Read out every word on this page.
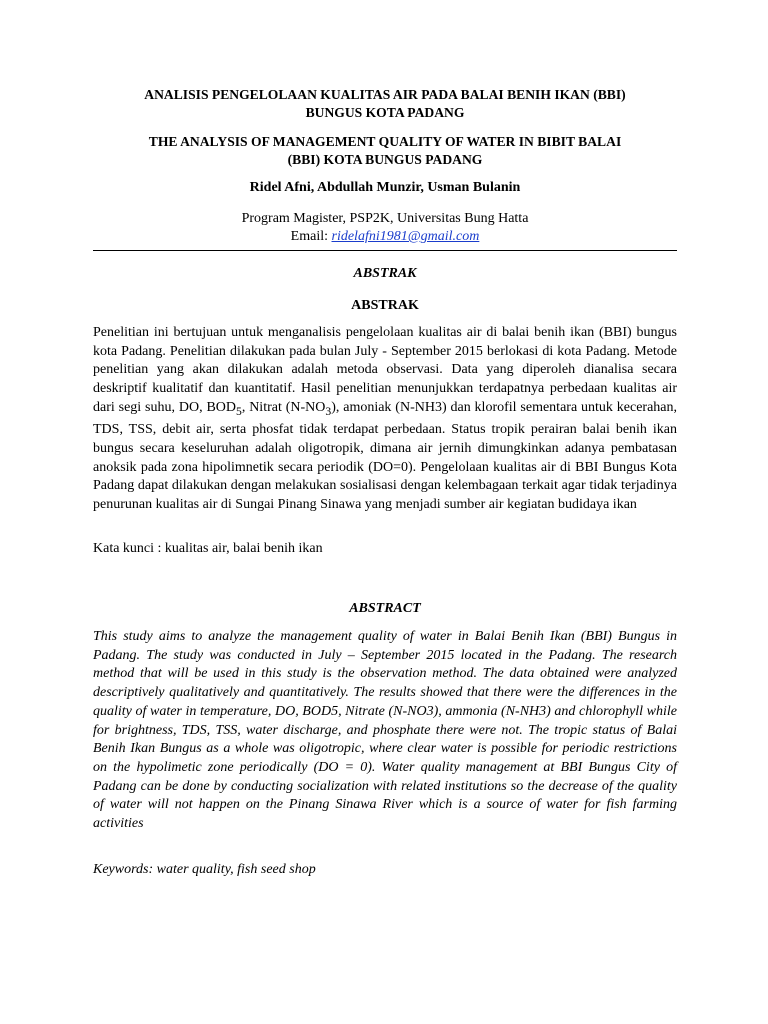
ANALISIS PENGELOLAAN KUALITAS AIR PADA BALAI BENIH IKAN (BBI)
BUNGUS KOTA PADANG
THE ANALYSIS OF MANAGEMENT QUALITY OF WATER IN BIBIT BALAI
(BBI) KOTA BUNGUS PADANG
Ridel Afni, Abdullah Munzir, Usman Bulanin
Program Magister, PSP2K, Universitas Bung Hatta
Email: ridelafni1981@gmail.com
ABSTRAK
ABSTRAK

Penelitian ini bertujuan untuk menganalisis pengelolaan kualitas air di balai benih ikan (BBI) bungus kota Padang. Penelitian dilakukan pada bulan July - September 2015 berlokasi di kota Padang. Metode penelitian yang akan dilakukan adalah metoda observasi. Data yang diperoleh dianalisa secara deskriptif kualitatif dan kuantitatif. Hasil penelitian menunjukkan terdapatnya perbedaan kualitas air dari segi suhu, DO, $BOD_5$, Nitrat $(N-NO_3)$, amoniak (N-NH3) dan klorofil sementara untuk kecerahan, TDS, TSS, debit air, serta phosfat tidak terdapat perbedaan. Status tropik perairan balai benih ikan bungus secara keseluruhan adalah oligotropik, dimana air jernih dimungkinkan adanya pembatasan anoksik pada zona hipolimnetik secara periodik (DO=0). Pengelolaan kualitas air di BBI Bungus Kota Padang dapat dilakukan dengan melakukan sosialisasi dengan kelembagaan terkait agar tidak terjadinya penurunan kualitas air di Sungai Pinang Sinawa yang menjadi sumber air kegiatan budidaya ikan

Kata kunci : kualitas air, balai benih ikan
ABSTRACT

This study aims to analyze the management quality of water in Balai Benih Ikan (BBI) Bungus in Padang. The study was conducted in July – September 2015 located in the Padang. The research method that will be used in this study is the observation method. The data obtained were analyzed descriptively qualitatively and quantitatively. The results showed that there were the differences in the quality of water in temperature, DO, BOD5, Nitrate (N-NO3), ammonia (N-NH3) and chlorophyll while for brightness, TDS, TSS, water discharge, and phosphate there were not. The tropic status of Balai Benih Ikan Bungus as a whole was oligotropic, where clear water is possible for periodic restrictions on the hypolimetic zone periodically (DO = 0). Water quality management at BBI Bungus City of Padang can be done by conducting socialization with related institutions so the decrease of the quality of water will not happen on the Pinang Sinawa River which is a source of water for fish farming activities

Keywords: water quality, fish seed shop
